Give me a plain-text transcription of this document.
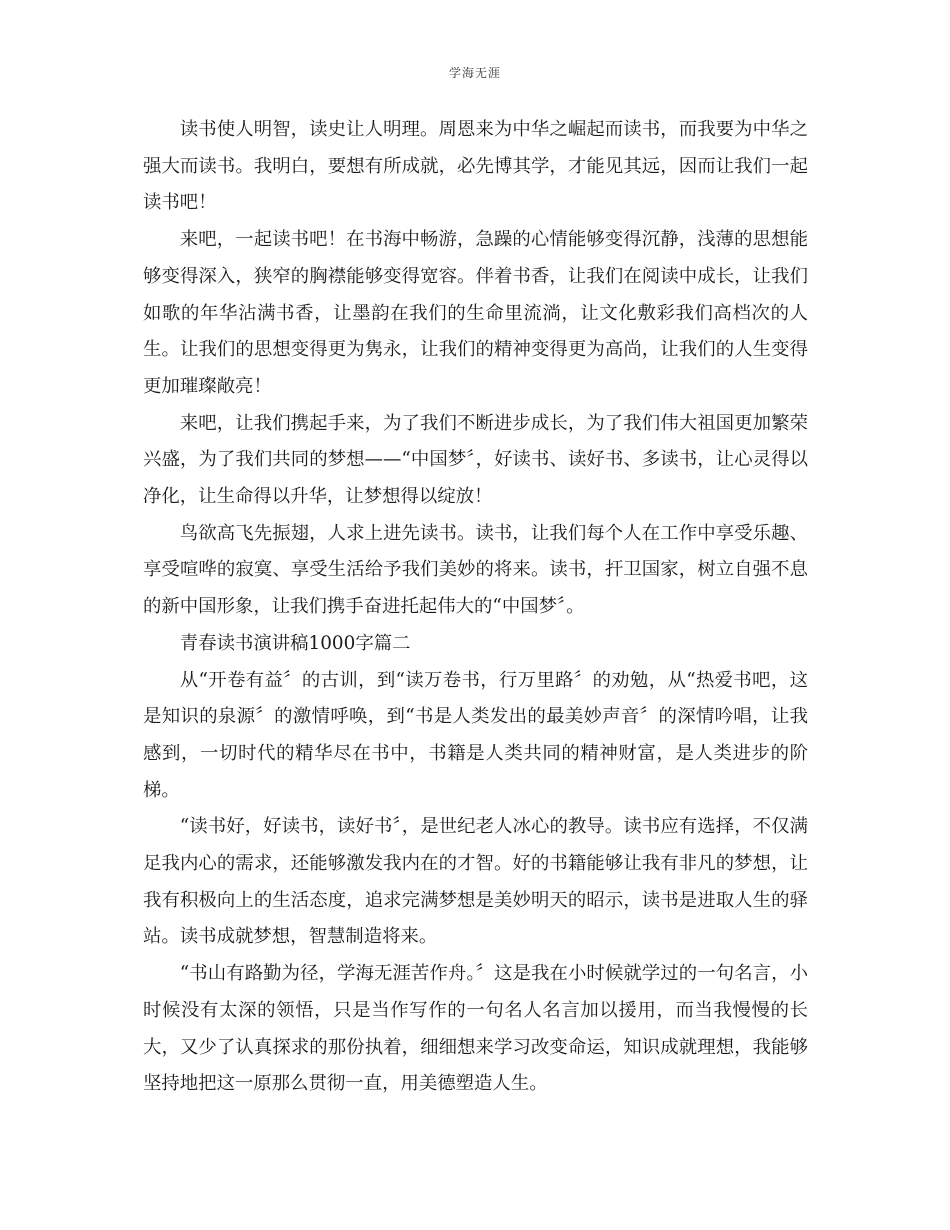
学海无涯

读书使人明智，读史让人明理。周恩来为中华之崛起而读书，而我要为中华之强大而读书。我明白，要想有所成就，必先博其学，才能见其远，因而让我们一起读书吧！

来吧，一起读书吧！在书海中畅游，急躁的心情能够变得沉静，浅薄的思想能够变得深入，狭窄的胸襟能够变得宽容。伴着书香，让我们在阅读中成长，让我们如歌的年华沾满书香，让墨韵在我们的生命里流淌，让文化敷彩我们高档次的人生。让我们的思想变得更为隽永，让我们的精神变得更为高尚，让我们的人生变得更加璀璨敞亮！

来吧，让我们携起手来，为了我们不断进步成长，为了我们伟大祖国更加繁荣兴盛，为了我们共同的梦想——“中国梦〞，好读书、读好书、多读书，让心灵得以净化，让生命得以升华，让梦想得以绽放！

鸟欲高飞先振翅，人求上进先读书。读书，让我们每个人在工作中享受乐趣、享受喧哗的寂寞、享受生活给予我们美妙的将来。读书，扞卫国家，树立自强不息的新中国形象，让我们携手奋进托起伟大的“中国梦〞。

青春读书演讲稿1000字篇二

从“开卷有益〞的古训，到“读万卷书，行万里路〞的劝勉，从“热爱书吧，这是知识的泉源〞的激情呼唤，到“书是人类发出的最美妙声音〞的深情吟唱，让我感到，一切时代的精华尽在书中，书籍是人类共同的精神财富，是人类进步的阶梯。

“读书好，好读书，读好书〞，是世纪老人冰心的教导。读书应有选择，不仅满足我内心的需求，还能够激发我内在的才智。好的书籍能够让我有非凡的梦想，让我有积极向上的生活态度，追求完满梦想是美妙明天的昭示，读书是进取人生的驿站。读书成就梦想，智慧制造将来。

“书山有路勤为径，学海无涯苦作舟。〞这是我在小时候就学过的一句名言，小时候没有太深的领悟，只是当作写作的一句名人名言加以援用，而当我慢慢的长大，又少了认真探求的那份执着，细细想来学习改变命运，知识成就理想，我能够坚持地把这一原那么贯彻一直，用美德塑造人生。
